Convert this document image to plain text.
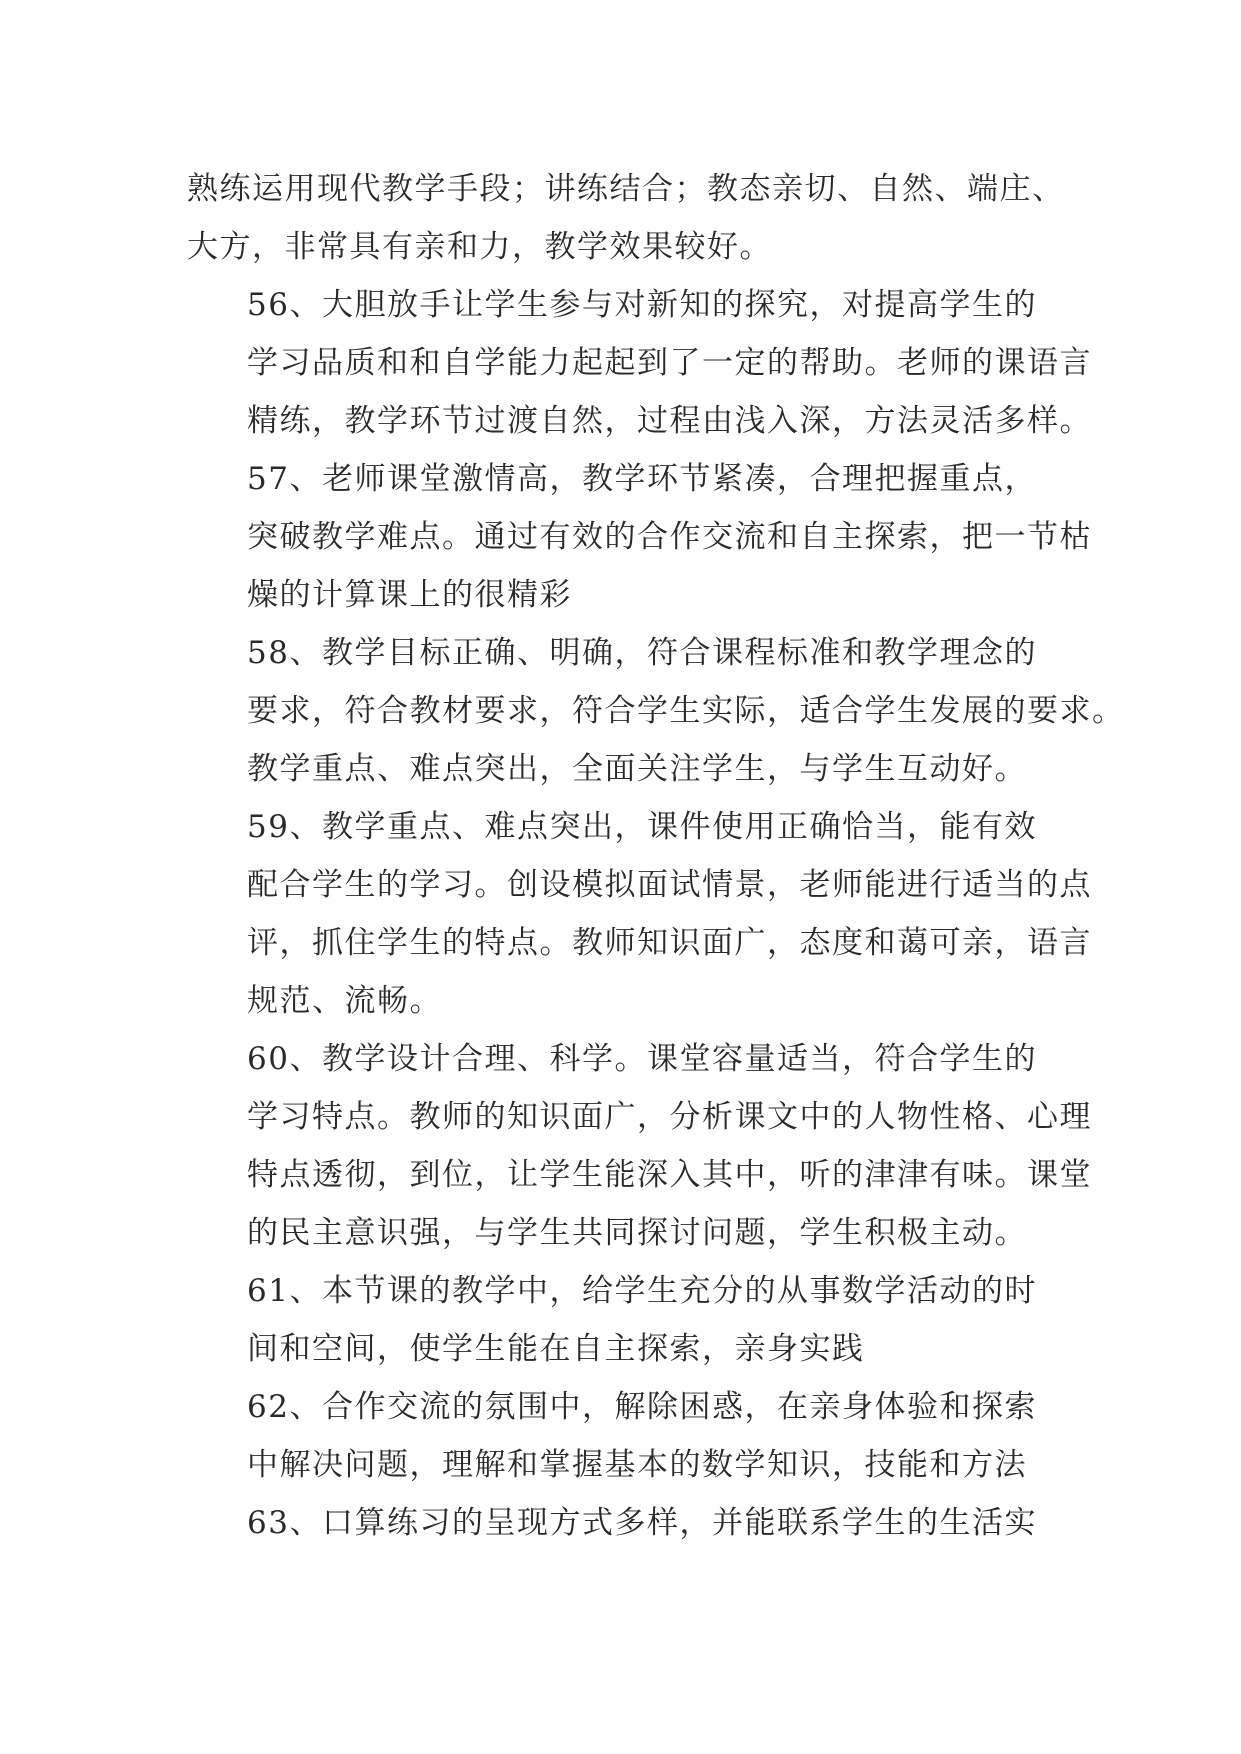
熟练运用现代教学手段；讲练结合；教态亲切、自然、端庄、
大方，非常具有亲和力，教学效果较好。
56、大胆放手让学生参与对新知的探究，对提高学生的
学习品质和和自学能力起起到了一定的帮助。老师的课语言
精练，教学环节过渡自然，过程由浅入深，方法灵活多样。
57、老师课堂激情高，教学环节紧凑，合理把握重点，
突破教学难点。通过有效的合作交流和自主探索，把一节枯
燥的计算课上的很精彩
58、教学目标正确、明确，符合课程标准和教学理念的
要求，符合教材要求，符合学生实际，适合学生发展的要求。
教学重点、难点突出，全面关注学生，与学生互动好。
59、教学重点、难点突出，课件使用正确恰当，能有效
配合学生的学习。创设模拟面试情景，老师能进行适当的点
评，抓住学生的特点。教师知识面广，态度和蔼可亲，语言
规范、流畅。
60、教学设计合理、科学。课堂容量适当，符合学生的
学习特点。教师的知识面广，分析课文中的人物性格、心理
特点透彻，到位，让学生能深入其中，听的津津有味。课堂
的民主意识强，与学生共同探讨问题，学生积极主动。
61、本节课的教学中，给学生充分的从事数学活动的时
间和空间，使学生能在自主探索，亲身实践
62、合作交流的氛围中，解除困惑，在亲身体验和探索
中解决问题，理解和掌握基本的数学知识，技能和方法
63、口算练习的呈现方式多样，并能联系学生的生活实
